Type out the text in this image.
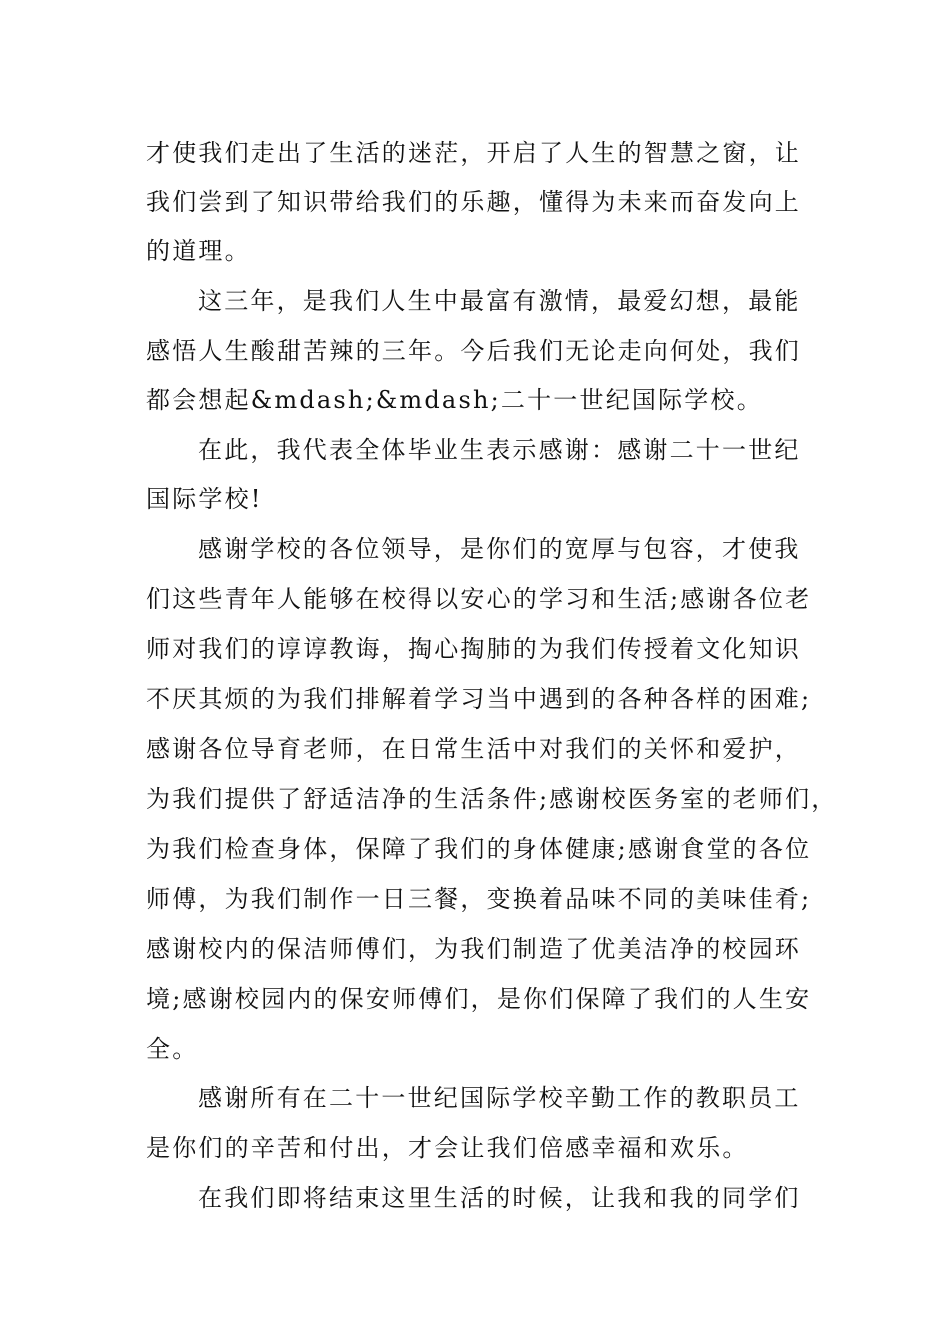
才使我们走出了生活的迷茫，开启了人生的智慧之窗，让
我们尝到了知识带给我们的乐趣，懂得为未来而奋发向上
的道理。
这三年，是我们人生中最富有激情，最爱幻想，最能
感悟人生酸甜苦辣的三年。今后我们无论走向何处，我们
都会想起&mdash;&mdash;二十一世纪国际学校。
在此，我代表全体毕业生表示感谢：感谢二十一世纪
国际学校!
感谢学校的各位领导，是你们的宽厚与包容，才使我
们这些青年人能够在校得以安心的学习和生活;感谢各位老
师对我们的谆谆教诲，掏心掏肺的为我们传授着文化知识
不厌其烦的为我们排解着学习当中遇到的各种各样的困难;
感谢各位导育老师，在日常生活中对我们的关怀和爱护，
为我们提供了舒适洁净的生活条件;感谢校医务室的老师们，
为我们检查身体，保障了我们的身体健康;感谢食堂的各位
师傅，为我们制作一日三餐，变换着品味不同的美味佳肴;
感谢校内的保洁师傅们，为我们制造了优美洁净的校园环
境;感谢校园内的保安师傅们，是你们保障了我们的人生安
全。
感谢所有在二十一世纪国际学校辛勤工作的教职员工
是你们的辛苦和付出，才会让我们倍感幸福和欢乐。
在我们即将结束这里生活的时候，让我和我的同学们
